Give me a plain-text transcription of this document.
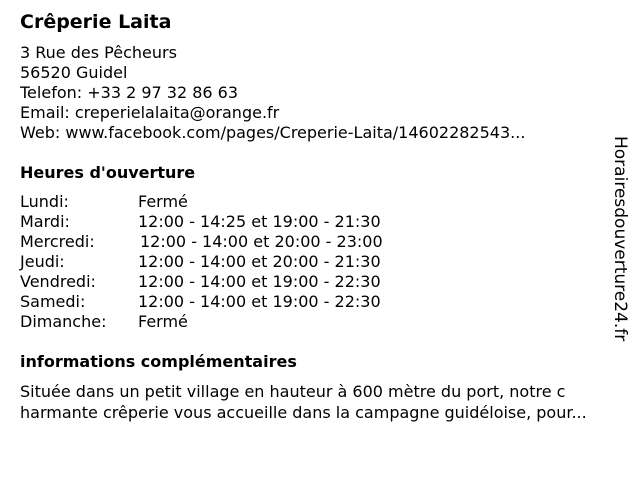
Crêperie Laita
3 Rue des Pêcheurs
56520 Guidel
Telefon: +33 2 97 32 86 63
Email: creperielalaita@orange.fr
Web: www.facebook.com/pages/Creperie-Laita/14602282543...
Heures d'ouverture
Lundi:	Fermé
Mardi:	12:00 - 14:25 et 19:00 - 21:30
Mercredi:	12:00 - 14:00 et 20:00 - 23:00
Jeudi:	12:00 - 14:00 et 20:00 - 21:30
Vendredi:	12:00 - 14:00 et 19:00 - 22:30
Samedi:	12:00 - 14:00 et 19:00 - 22:30
Dimanche:	Fermé
informations complémentaires
Située dans un petit village en hauteur à 600 mètre du port, notre c
harmante crêperie vous accueille dans la campagne guidéloise, pour...
Horairesdouverture24.fr
